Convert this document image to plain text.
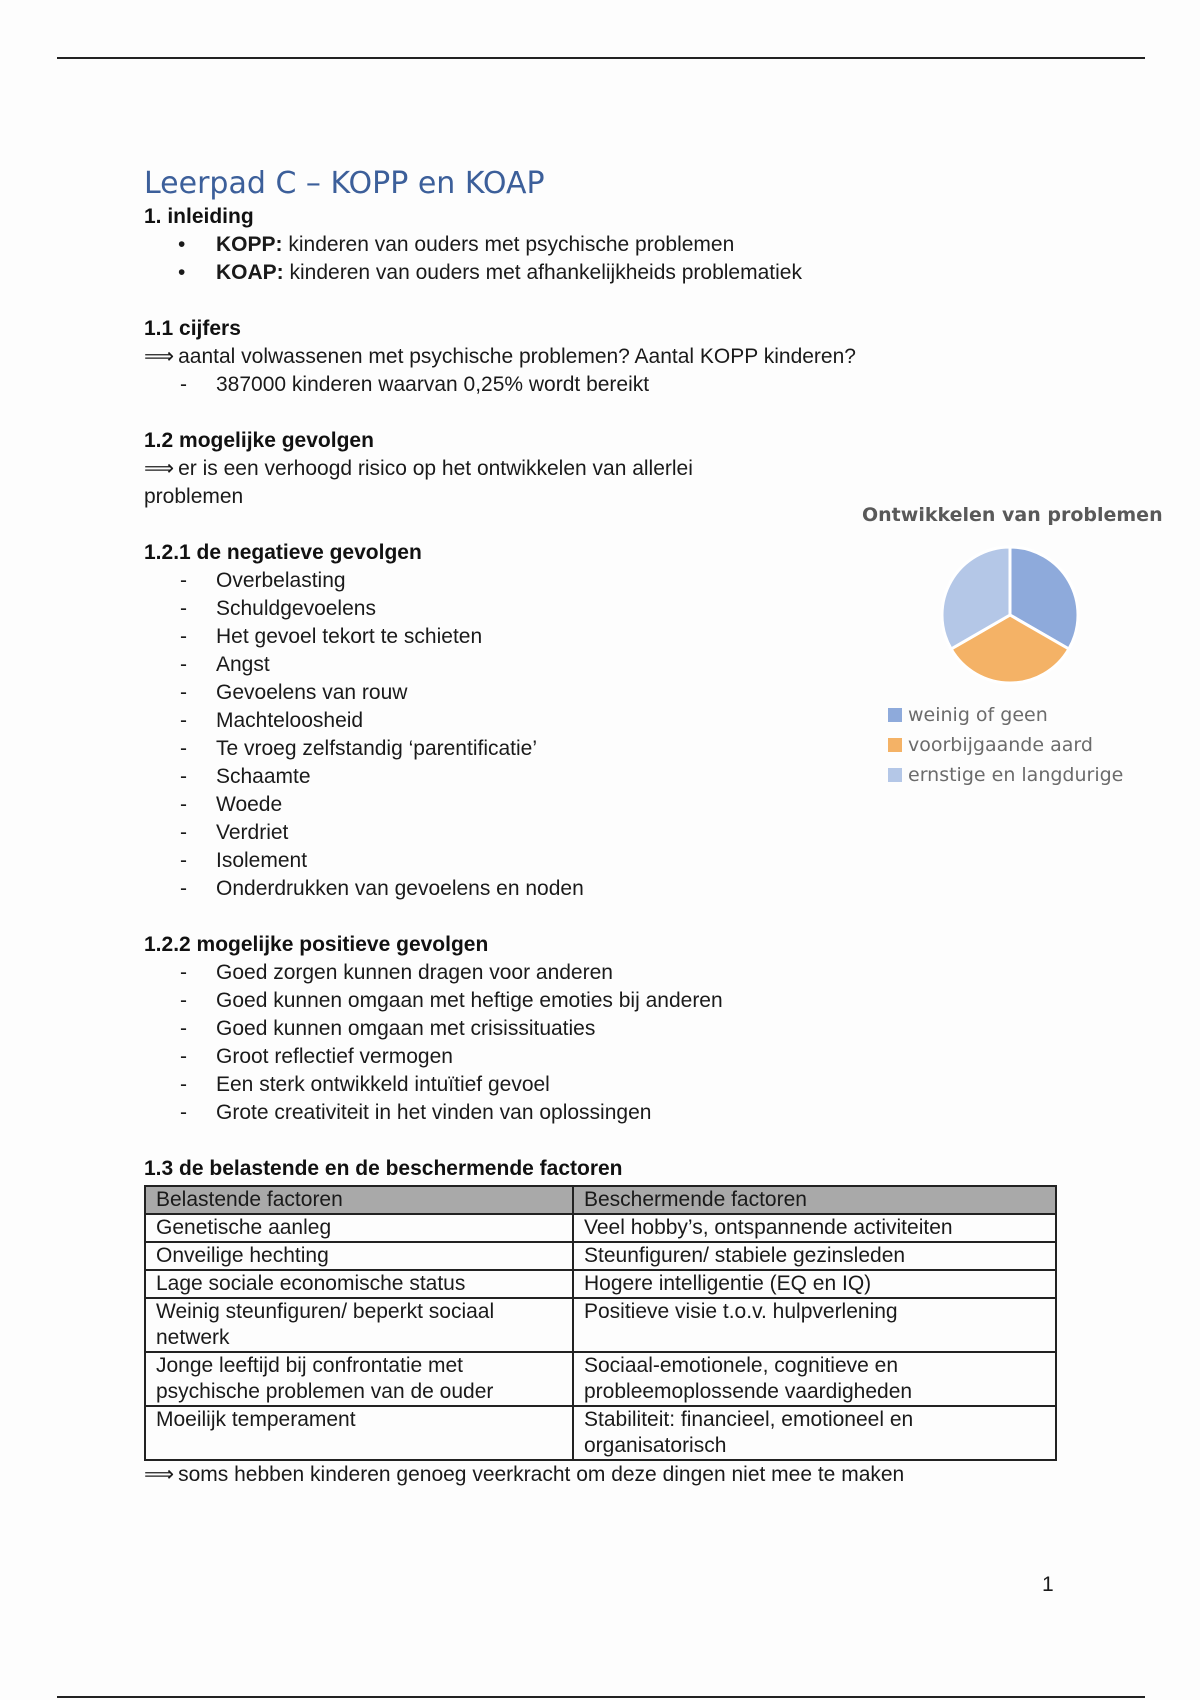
Leerpad C – KOPP en KOAP
1. inleiding
• KOPP: kinderen van ouders met psychische problemen
• KOAP: kinderen van ouders met afhankelijkheids problematiek
1.1 cijfers
⟹ aantal volwassenen met psychische problemen? Aantal KOPP kinderen?
- 387000 kinderen waarvan 0,25% wordt bereikt
1.2 mogelijke gevolgen
⟹ er is een verhoogd risico op het ontwikkelen van allerlei problemen
1.2.1 de negatieve gevolgen
- Overbelasting
- Schuldgevoelens
- Het gevoel tekort te schieten
- Angst
- Gevoelens van rouw
- Machteloosheid
- Te vroeg zelfstandig ‘parentificatie’
- Schaamte
- Woede
- Verdriet
- Isolement
- Onderdrukken van gevoelens en noden
1.2.2 mogelijke positieve gevolgen
- Goed zorgen kunnen dragen voor anderen
- Goed kunnen omgaan met heftige emoties bij anderen
- Goed kunnen omgaan met crisissituaties
- Groot reflectief vermogen
- Een sterk ontwikkeld intuïtief gevoel
- Grote creativiteit in het vinden van oplossingen
1.3 de belastende en de beschermende factoren
Belastende factoren	Beschermende factoren
Genetische aanleg	Veel hobby’s, ontspannende activiteiten
Onveilige hechting	Steunfiguren/ stabiele gezinsleden
Lage sociale economische status	Hogere intelligentie (EQ en IQ)
Weinig steunfiguren/ beperkt sociaal netwerk	Positieve visie t.o.v. hulpverlening
Jonge leeftijd bij confrontatie met psychische problemen van de ouder	Sociaal-emotionele, cognitieve en probleemoplossende vaardigheden
Moeilijk temperament	Stabiliteit: financieel, emotioneel en organisatorisch
⟹ soms hebben kinderen genoeg veerkracht om deze dingen niet mee te maken
Ontwikkelen van problemen
weinig of geen
voorbijgaande aard
ernstige en langdurige
1
